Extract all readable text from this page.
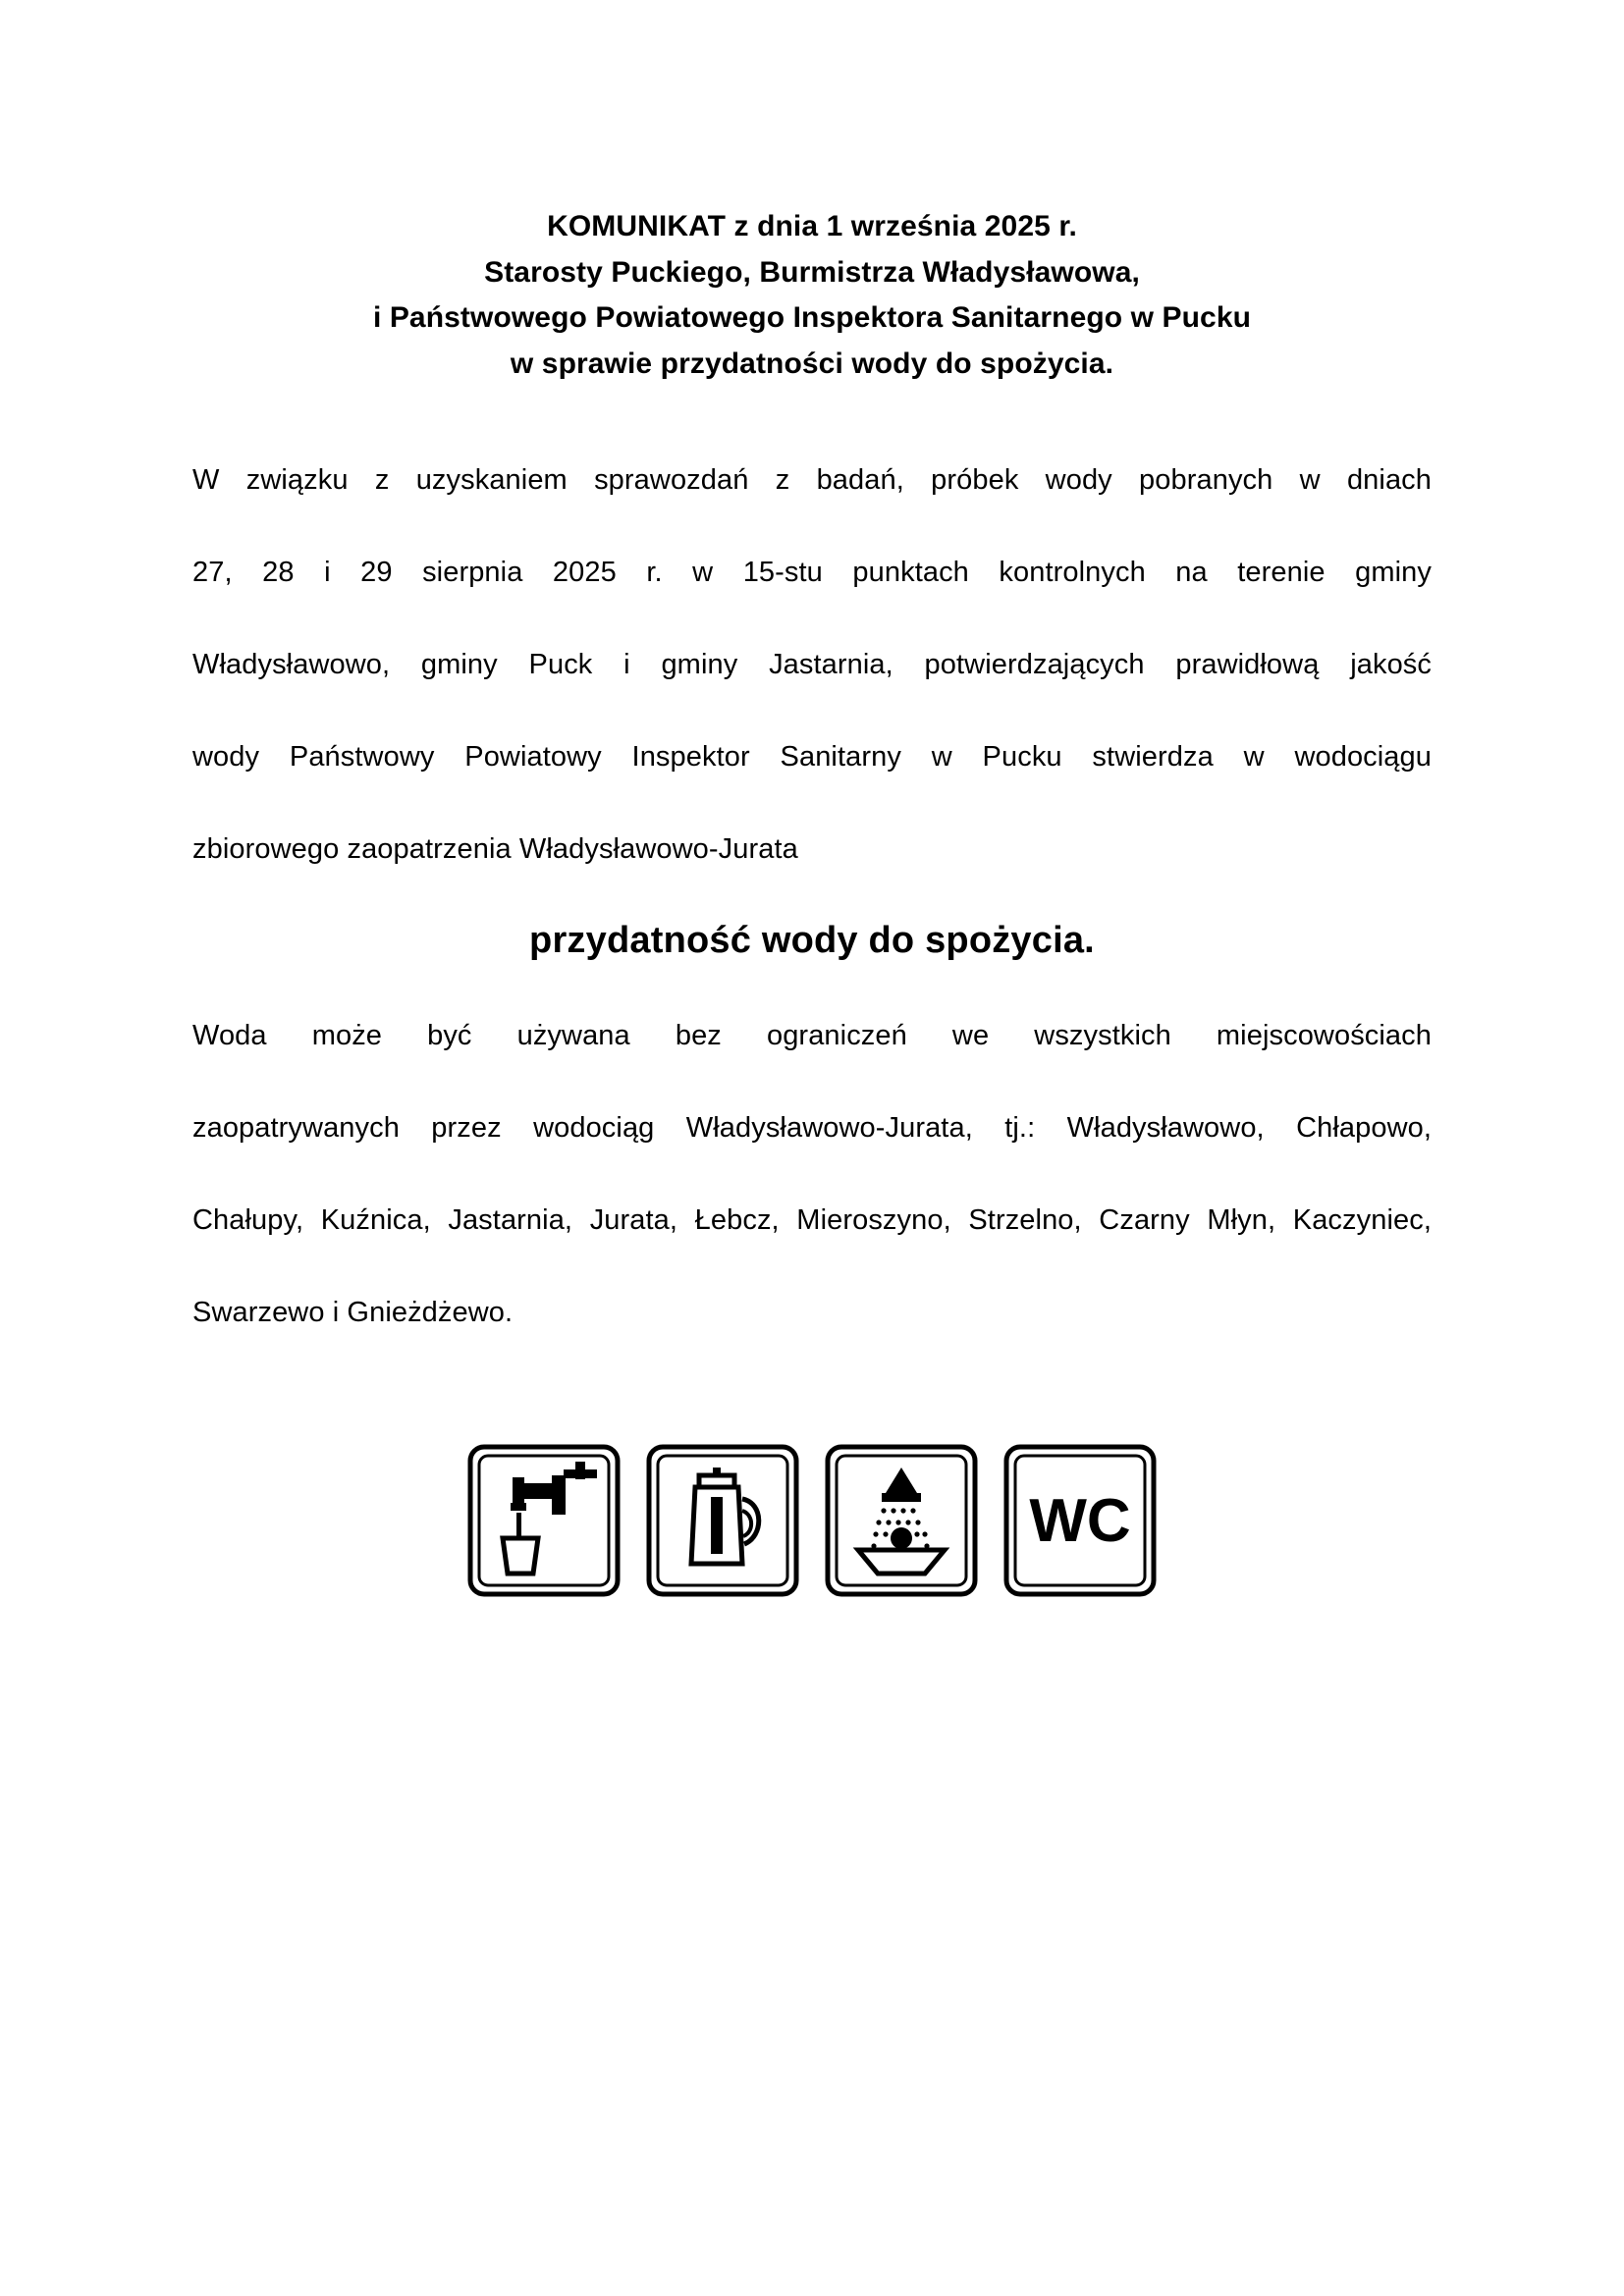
KOMUNIKAT z dnia 1 września 2025 r.
Starosty Puckiego, Burmistrza Władysławowa,
i Państwowego Powiatowego Inspektora Sanitarnego w Pucku
w sprawie przydatności wody do spożycia.
W związku z uzyskaniem sprawozdań z badań, próbek wody pobranych w dniach
27, 28 i 29 sierpnia 2025 r. w 15-stu punktach kontrolnych na terenie gminy
Władysławowo, gminy Puck i gminy Jastarnia, potwierdzających prawidłową jakość
wody Państwowy Powiatowy Inspektor Sanitarny w Pucku stwierdza w wodociągu
zbiorowego zaopatrzenia Władysławowo-Jurata
przydatność wody do spożycia.
Woda może być używana bez ograniczeń we wszystkich miejscowościach
zaopatrywanych przez wodociąg Władysławowo-Jurata, tj.: Władysławowo, Chłapowo,
Chałupy, Kuźnica, Jastarnia, Jurata, Łebcz, Mieroszyno, Strzelno, Czarny Młyn, Kaczyniec,
Swarzewo i Gnieżdżewo.
WC
